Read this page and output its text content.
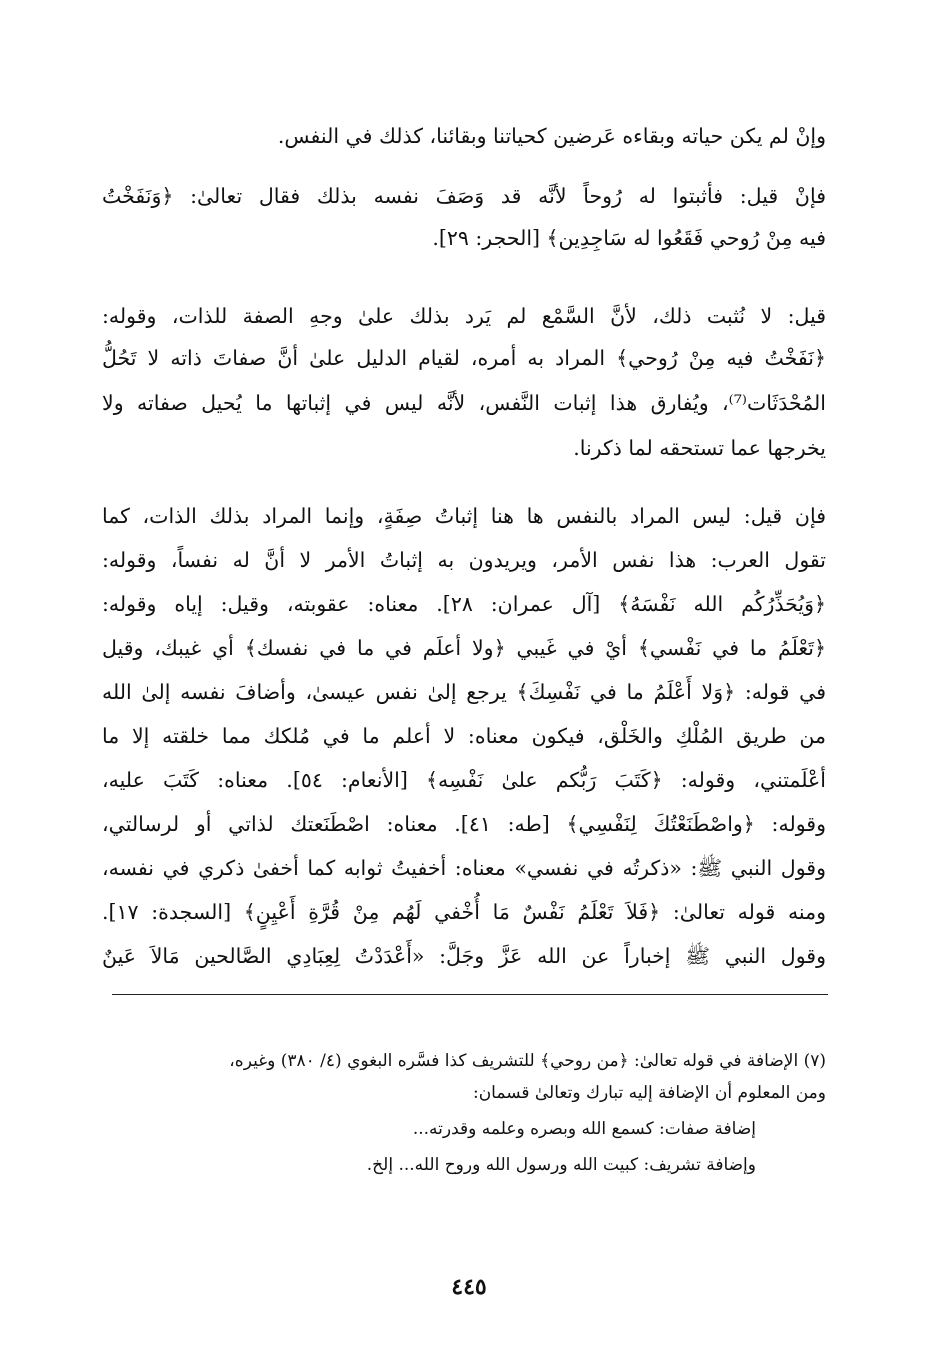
وإنْ لم يكن حياته وبقاءه عَرضين كحياتنا وبقائنا، كذلك في النفس.
فإنْ قيل: فأثبتوا له رُوحاً لأنَّه قد وَصَفَ نفسه بذلك فقال تعالىٰ: ﴿وَنَفَخْتُ
فيه مِنْ رُوحي فَقَعُوا له سَاجِدِين﴾ [الحجر: ٢٩].
قيل: لا نُثبت ذلك، لأنَّ السَّمْع لم يَرد بذلك علىٰ وجهِ الصفة للذات، وقوله:
﴿نَفَخْتُ فيه مِنْ رُوحي﴾ المراد به أمره، لقيام الدليل علىٰ أنَّ صفاتَ ذاته لا تَحُلُّ
المُحْدَثَات⁽⁷⁾، ويُفارق هذا إثبات النَّفس، لأنَّه ليس في إثباتها ما يُحيل صفاته ولا
يخرجها عما تستحقه لما ذكرنا.
فإن قيل: ليس المراد بالنفس ها هنا إثباتُ صِفَةٍ، وإنما المراد بذلك الذات، كما
تقول العرب: هذا نفس الأمر، ويريدون به إثباتُ الأمر لا أنَّ له نفساً، وقوله:
﴿وَيُحَذِّرُكُم الله نَفْسَهُ﴾ [آل عمران: ٢٨]. معناه: عقوبته، وقيل: إياه وقوله:
﴿تَعْلَمُ ما في نَفْسي﴾ أيْ في غَيبي ﴿ولا أعلَم في ما في نفسك﴾ أي غيبك، وقيل
في قوله: ﴿وَلا أَعْلَمُ ما في نَفْسِكَ﴾ يرجع إلىٰ نفس عيسىٰ، وأضافَ نفسه إلىٰ الله
من طريق المُلْكِ والخَلْق، فيكون معناه: لا أعلم ما في مُلكك مما خلقته إلا ما
أعْلَمتني، وقوله: ﴿كَتَبَ رَبُّكم علىٰ نَفْسِه﴾ [الأنعام: ٥٤]. معناه: كَتَبَ عليه،
وقوله: ﴿واصْطَنَعْتُكَ لِنَفْسِي﴾ [طه: ٤١]. معناه: اصْطَنَعتك لذاتي أو لرسالتي،
وقول النبي ﷺ: «ذكرتُه في نفسي» معناه: أخفيتُ ثوابه كما أخفىٰ ذكري في نفسه،
ومنه قوله تعالىٰ: ﴿فَلاَ تَعْلَمُ نَفْسٌ مَا أُخْفي لَهُم مِنْ قُرَّةِ أَعْيِنٍ﴾ [السجدة: ١٧].
وقول النبي ﷺ إخباراً عن الله عَزَّ وجَلَّ: «أَعْدَدْتُ لِعِبَادِي الصَّالحين مَالاَ عَينٌ
(٧) الإضافة في قوله تعالىٰ: ﴿من روحي﴾ للتشريف كذا فسَّره البغوي (٤/ ٣٨٠) وغيره،
ومن المعلوم أن الإضافة إليه تبارك وتعالىٰ قسمان:
إضافة صفات: كسمع الله وبصره وعلمه وقدرته...
وإضافة تشريف: كبيت الله ورسول الله وروح الله... إلخ.
٤٤٥
